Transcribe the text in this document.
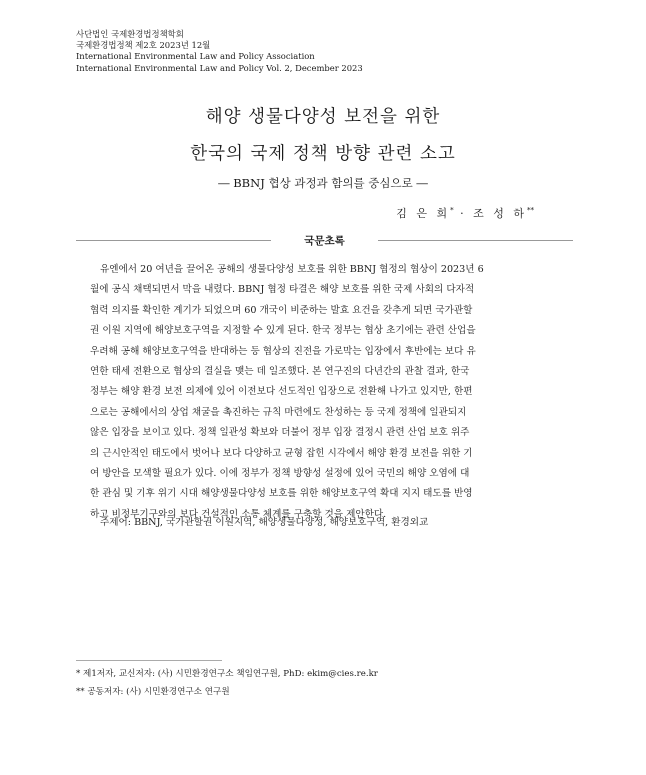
사단법인 국제환경법정책학회
국제환경법정책 제2호 2023년 12월
International Environmental Law and Policy Association
International Environmental Law and Policy Vol. 2, December 2023
해양 생물다양성 보전을 위한
한국의 국제 정책 방향 관련 소고
― BBNJ 협상 과정과 함의를 중심으로 ―
김 은 희* · 조 성 하**
국문초록
유엔에서 20 여년을 끌어온 공해의 생물다양성 보호를 위한 BBNJ 협정의 협상이 2023년 6
월에 공식 채택되면서 막을 내렸다. BBNJ 협정 타결은 해양 보호를 위한 국제 사회의 다자적
협력 의지를 확인한 계기가 되었으며 60 개국이 비준하는 발효 요건을 갖추게 되면 국가관할
권 이원 지역에 해양보호구역을 지정할 수 있게 된다. 한국 정부는 협상 초기에는 관련 산업을
우려해 공해 해양보호구역을 반대하는 등 협상의 진전을 가로막는 입장에서 후반에는 보다 유
연한 태세 전환으로 협상의 결실을 맺는 데 일조했다. 본 연구진의 다년간의 관찰 결과, 한국
정부는 해양 환경 보전 의제에 있어 이전보다 선도적인 입장으로 전환해 나가고 있지만, 한편
으로는 공해에서의 상업 채굴을 촉진하는 규칙 마련에도 찬성하는 등 국제 정책에 일관되지
않은 입장을 보이고 있다. 정책 일관성 확보와 더불어 정부 입장 결정시 관련 산업 보호 위주
의 근시안적인 태도에서 벗어나 보다 다양하고 균형 잡힌 시각에서 해양 환경 보전을 위한 기
여 방안을 모색할 필요가 있다. 이에 정부가 정책 방향성 설정에 있어 국민의 해양 오염에 대
한 관심 및 기후 위기 시대 해양생물다양성 보호를 위한 해양보호구역 확대 지지 태도를 반영
하고 비정부기구와의 보다 건설적인 소통 체계를 구축할 것을 제안한다.
주제어: BBNJ, 국가관할권 이원지역, 해양생물다양성, 해양보호구역, 환경외교
* 제1저자, 교신저자: (사) 시민환경연구소 책임연구원, PhD: ekim@cies.re.kr
** 공동저자: (사) 시민환경연구소 연구원
